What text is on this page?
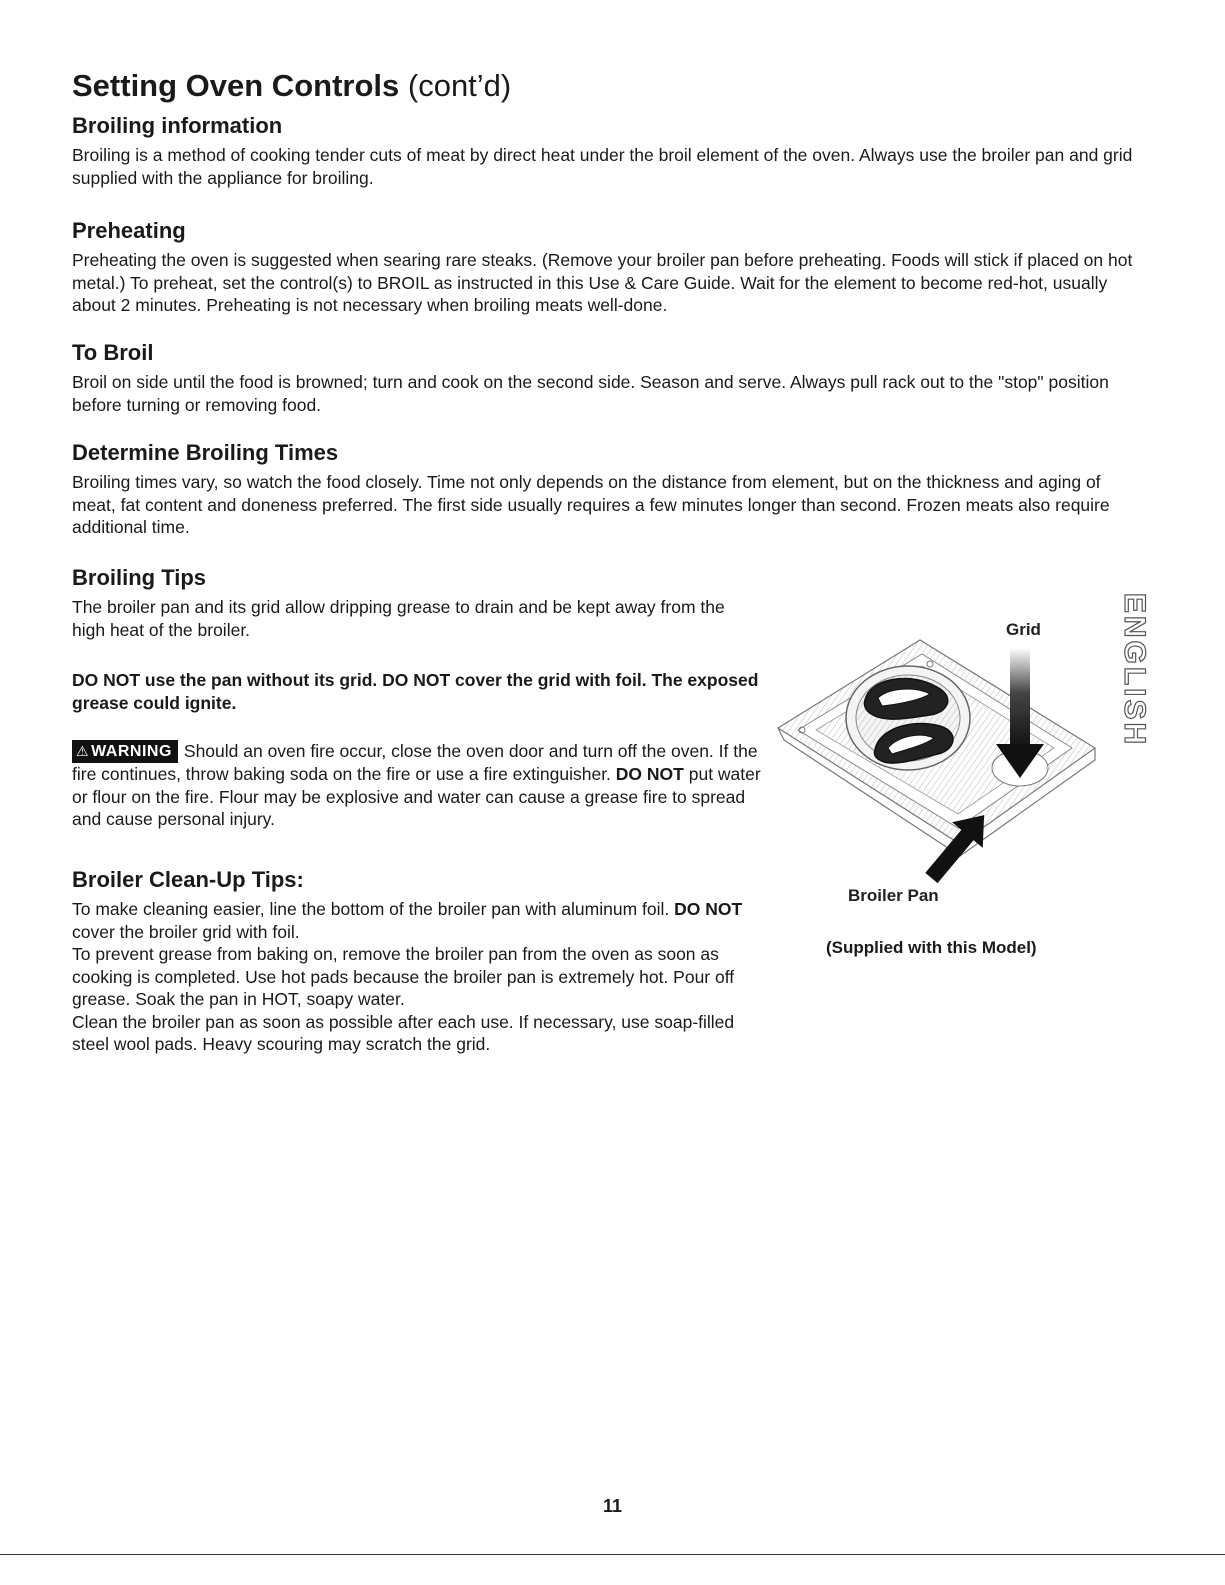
Setting Oven Controls (cont’d)
Broiling information

Broiling is a method of cooking tender cuts of meat by direct heat under the broil element of the oven. Always use the broiler pan and grid supplied with the appliance for broiling.

Preheating

Preheating the oven is suggested when searing rare steaks. (Remove your broiler pan before preheating. Foods will stick if placed on hot metal.) To preheat, set the control(s) to BROIL as instructed in this Use & Care Guide. Wait for the element to become red-hot, usually about 2 minutes. Preheating is not necessary when broiling meats well-done.

To Broil

Broil on side until the food is browned; turn and cook on the second side. Season and serve. Always pull rack out to the "stop" position before turning or removing food.

Determine Broiling Times

Broiling times vary, so watch the food closely. Time not only depends on the distance from element, but on the thickness and aging of meat, fat content and doneness preferred. The first side usually requires a few minutes longer than second. Frozen meats also require additional time.

Broiling Tips

The broiler pan and its grid allow dripping grease to drain and be kept away from the high heat of the broiler.

DO NOT use the pan without its grid. DO NOT cover the grid with foil. The exposed grease could ignite.

⚠ WARNING Should an oven fire occur, close the oven door and turn off the oven. If the fire continues, throw baking soda on the fire or use a fire extinguisher. DO NOT put water or flour on the fire. Flour may be explosive and water can cause a grease fire to spread and cause personal injury.

Broiler Clean-Up Tips:

To make cleaning easier, line the bottom of the broiler pan with aluminum foil. DO NOT cover the broiler grid with foil.

To prevent grease from baking on, remove the broiler pan from the oven as soon as cooking is completed. Use hot pads because the broiler pan is extremely hot. Pour off grease. Soak the pan in HOT, soapy water.

Clean the broiler pan as soon as possible after each use. If necessary, use soap-filled steel wool pads. Heavy scouring may scratch the grid.

Grid
Broiler Pan
(Supplied with this Model)
ENGLISH
11
